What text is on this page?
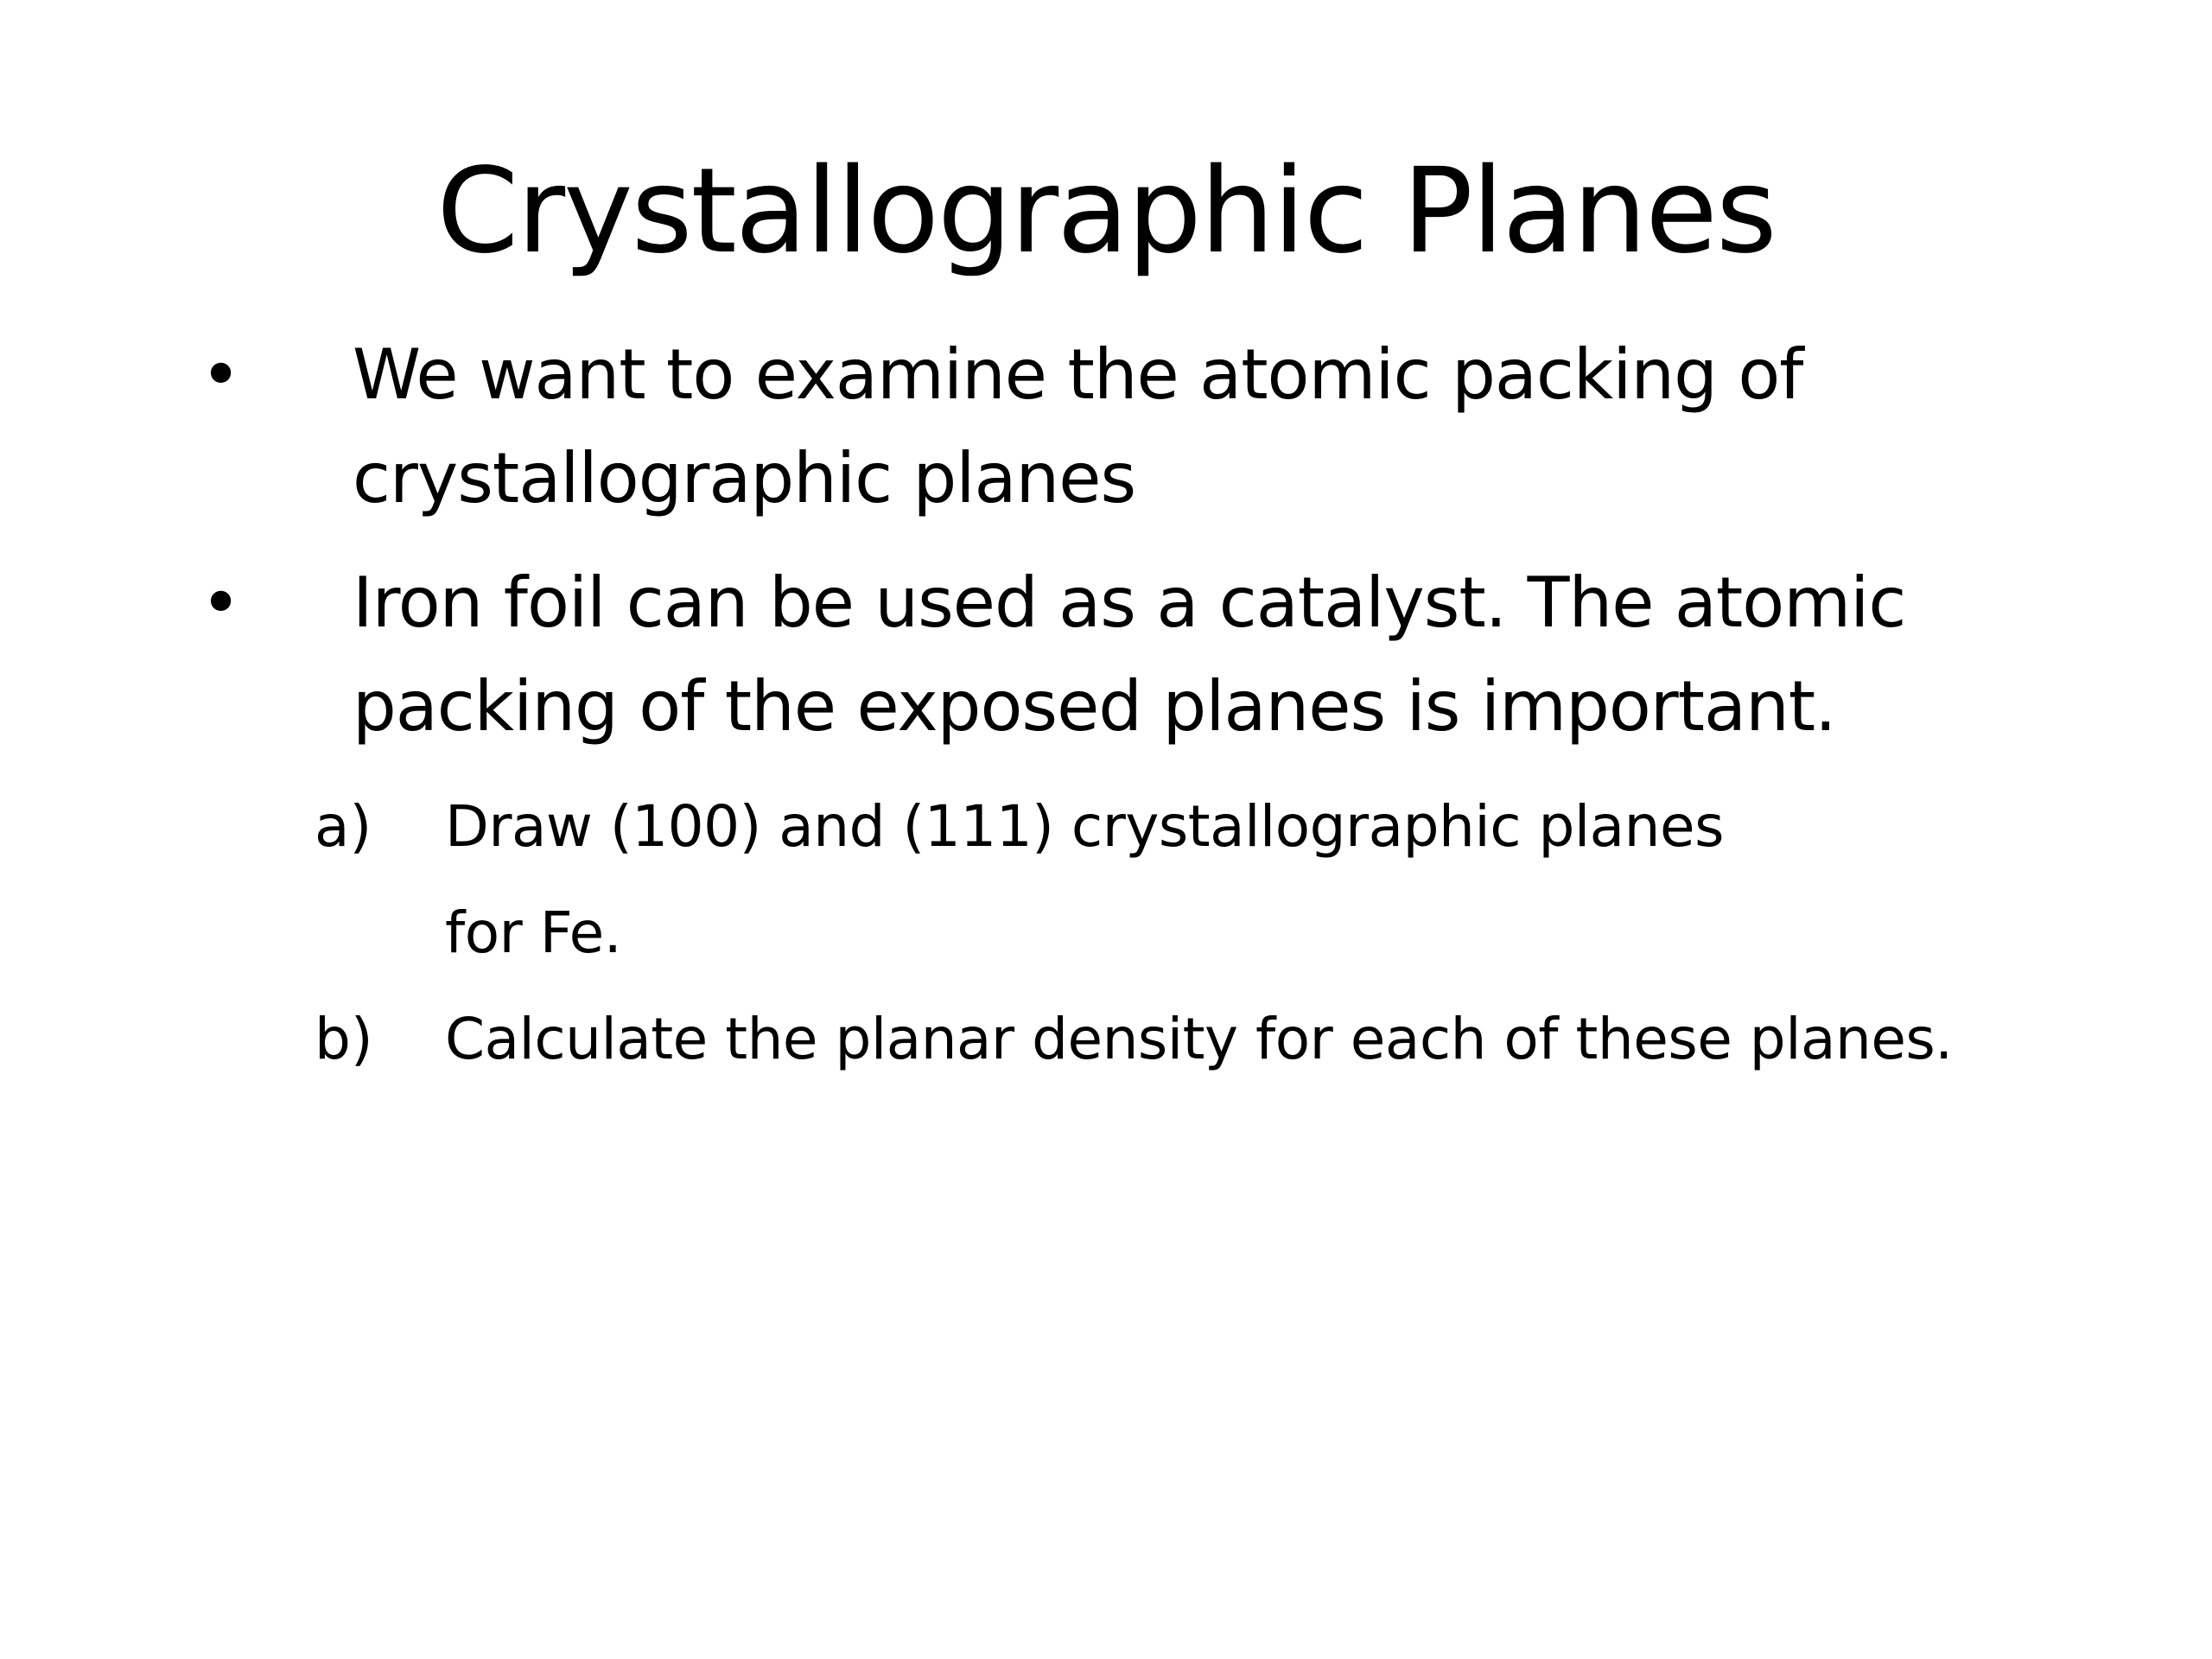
Crystallographic Planes
• We want to examine the atomic packing of
crystallographic planes
• Iron foil can be used as a catalyst. The atomic
packing of the exposed planes is important.
a) Draw (100) and (111) crystallographic planes
for Fe.
b) Calculate the planar density for each of these planes.
